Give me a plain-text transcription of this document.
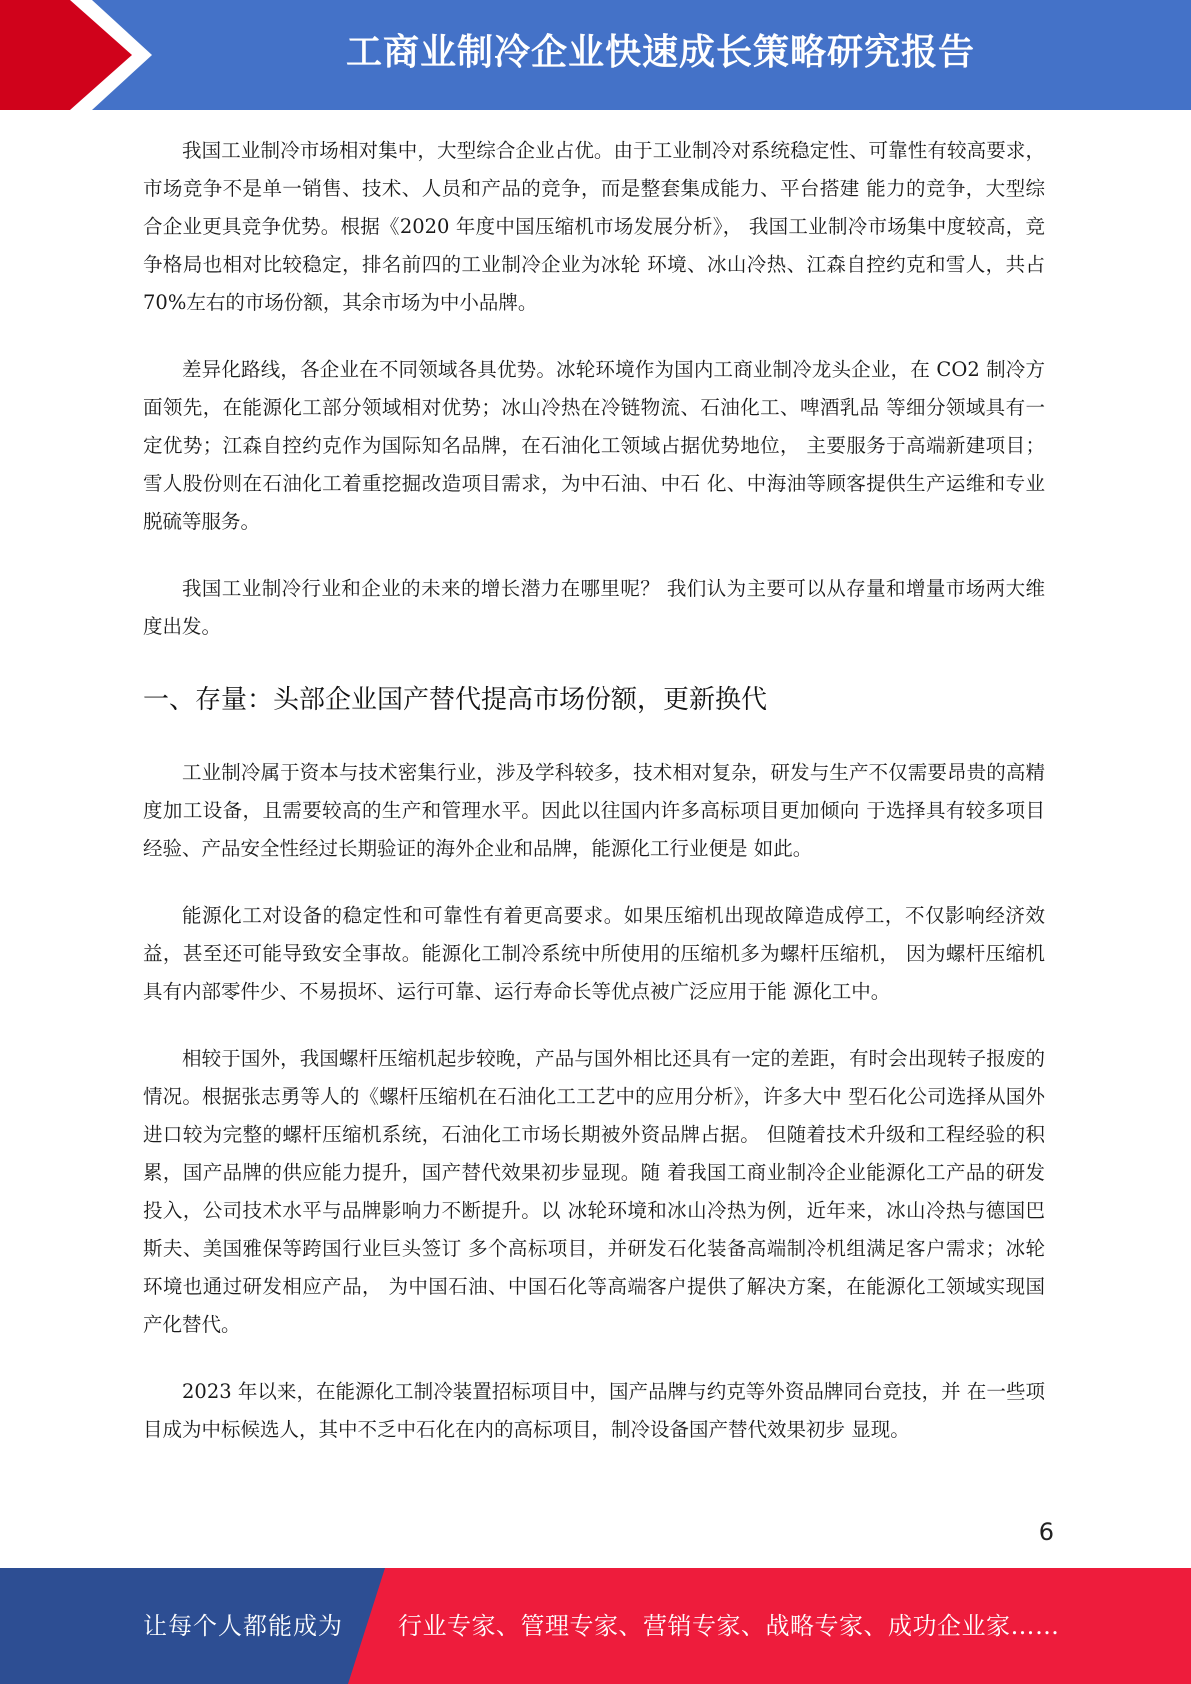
工商业制冷企业快速成长策略研究报告

我国工业制冷市场相对集中，大型综合企业占优。由于工业制冷对系统稳定性、可靠性有较高要求，市场竞争不是单一销售、技术、人员和产品的竞争，而是整套集成能力、平台搭建 能力的竞争，大型综合企业更具竞争优势。根据《2020 年度中国压缩机市场发展分析》， 我国工业制冷市场集中度较高，竞争格局也相对比较稳定，排名前四的工业制冷企业为冰轮 环境、冰山冷热、江森自控约克和雪人，共占 70%左右的市场份额，其余市场为中小品牌。

差异化路线，各企业在不同领域各具优势。冰轮环境作为国内工商业制冷龙头企业，在 CO2 制冷方面领先，在能源化工部分领域相对优势；冰山冷热在冷链物流、石油化工、啤酒乳品 等细分领域具有一定优势；江森自控约克作为国际知名品牌，在石油化工领域占据优势地位， 主要服务于高端新建项目；雪人股份则在石油化工着重挖掘改造项目需求，为中石油、中石 化、中海油等顾客提供生产运维和专业脱硫等服务。

我国工业制冷行业和企业的未来的增长潜力在哪里呢？ 我们认为主要可以从存量和增量市场两大维度出发。

一、存量：头部企业国产替代提高市场份额，更新换代

工业制冷属于资本与技术密集行业，涉及学科较多，技术相对复杂，研发与生产不仅需要昂贵的高精度加工设备，且需要较高的生产和管理水平。因此以往国内许多高标项目更加倾向 于选择具有较多项目经验、产品安全性经过长期验证的海外企业和品牌，能源化工行业便是 如此。

能源化工对设备的稳定性和可靠性有着更高要求。如果压缩机出现故障造成停工，不仅影响经济效益，甚至还可能导致安全事故。能源化工制冷系统中所使用的压缩机多为螺杆压缩机， 因为螺杆压缩机具有内部零件少、不易损坏、运行可靠、运行寿命长等优点被广泛应用于能 源化工中。

相较于国外，我国螺杆压缩机起步较晚，产品与国外相比还具有一定的差距，有时会出现转子报废的情况。根据张志勇等人的《螺杆压缩机在石油化工工艺中的应用分析》，许多大中 型石化公司选择从国外进口较为完整的螺杆压缩机系统，石油化工市场长期被外资品牌占据。 但随着技术升级和工程经验的积累，国产品牌的供应能力提升，国产替代效果初步显现。随 着我国工商业制冷企业能源化工产品的研发投入，公司技术水平与品牌影响力不断提升。以 冰轮环境和冰山冷热为例，近年来，冰山冷热与德国巴斯夫、美国雅保等跨国行业巨头签订 多个高标项目，并研发石化装备高端制冷机组满足客户需求；冰轮环境也通过研发相应产品， 为中国石油、中国石化等高端客户提供了解决方案，在能源化工领域实现国产化替代。

2023 年以来，在能源化工制冷装置招标项目中，国产品牌与约克等外资品牌同台竞技，并 在一些项目成为中标候选人，其中不乏中石化在内的高标项目，制冷设备国产替代效果初步 显现。

6
让每个人都能成为 行业专家、管理专家、营销专家、战略专家、成功企业家……
